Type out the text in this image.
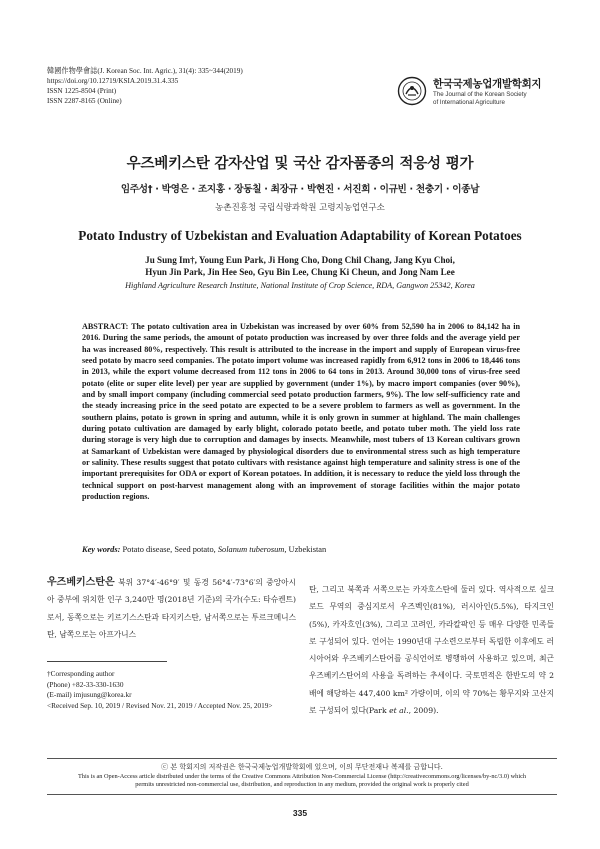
韓國作物學會誌(J. Korean Soc. Int. Agric.), 31(4): 335~344(2019)
https://doi.org/10.12719/KSIA.2019.31.4.335
ISSN 1225-8504 (Print)
ISSN 2287-8165 (Online)
한국국제농업개발학회지
The Journal of the Korean Society
of International Agriculture
우즈베키스탄 감자산업 및 국산 감자품종의 적응성 평가
임주성† · 박영은 · 조지홍 · 장동칠 · 최장규 · 박현진 · 서진희 · 이규빈 · 천충기 · 이종남
농촌진흥청 국립식량과학원 고령지농업연구소
Potato Industry of Uzbekistan and Evaluation Adaptability of Korean Potatoes
Ju Sung Im†, Young Eun Park, Ji Hong Cho, Dong Chil Chang, Jang Kyu Choi,
Hyun Jin Park, Jin Hee Seo, Gyu Bin Lee, Chung Ki Cheun, and Jong Nam Lee
Highland Agriculture Research Institute, National Institute of Crop Science, RDA, Gangwon 25342, Korea
ABSTRACT: The potato cultivation area in Uzbekistan was increased by over 60% from 52,590 ha in 2006 to 84,142 ha in 2016. During the same periods, the amount of potato production was increased by over three folds and the average yield per ha was increased 80%, respectively. This result is attributed to the increase in the import and supply of European virus-free seed potato by macro seed companies. The potato import volume was increased rapidly from 6,912 tons in 2006 to 18,446 tons in 2013, while the export volume decreased from 112 tons in 2006 to 64 tons in 2013. Around 30,000 tons of virus-free seed potato (elite or super elite level) per year are supplied by government (under 1%), by macro import companies (over 90%), and by small import company (including commercial seed potato production farmers, 9%). The low self-sufficiency rate and the steady increasing price in the seed potato are expected to be a severe problem to farmers as well as government. In the southern plains, potato is grown in spring and autumn, while it is only grown in summer at highland. The main challenges during potato cultivation are damaged by early blight, colorado potato beetle, and potato tuber moth. The yield loss rate during storage is very high due to corruption and damages by insects. Meanwhile, most tubers of 13 Korean cultivars grown at Samarkant of Uzbekistan were damaged by physiological disorders due to environmental stress such as high temperature or salinity. These results suggest that potato cultivars with resistance against high temperature and salinity stress is one of the important prerequisites for ODA or export of Korean potatoes. In addition, it is necessary to reduce the yield loss through the technical support on post-harvest management along with an improvement of storage facilities within the major potato production regions.
Key words: Potato disease, Seed potato, Solanum tuberosum, Uzbekistan
우즈베키스탄은 북위 37°4′-46°9′ 및 동경 56°4′-73°6′의 중앙아시아 중부에 위치한 인구 3,240만 명(2018년 기준)의 국가(수도: 타슈켄트)로서, 동쪽으로는 키르기스스탄과 타지키스탄, 남서쪽으로는 투르크메니스탄, 남쪽으로는 아프가니스
탄, 그리고 북쪽과 서쪽으로는 카자흐스탄에 둘러 있다. 역사적으로 실크로드 무역의 중심지로서 우즈벡인(81%), 러시아인(5.5%), 타지크인(5%), 카자흐인(3%), 그리고 고려인, 카라칼팍인 등 매우 다양한 민족들로 구성되어 있다. 언어는 1990년대 구소련으로부터 독립한 이후에도 러시아어와 우즈베키스탄어를 공식언어로 병행하여 사용하고 있으며, 최근 우즈베키스탄어의 사용을 독려하는 추세이다. 국토면적은 한반도의 약 2배에 해당하는 447,400 km² 가량이며, 이의 약 70%는 황무지와 고산지로 구성되어 있다(Park et al., 2009).
†Corresponding author
(Phone) +82-33-330-1630
(E-mail) imjusung@korea.kr
<Received Sep. 10, 2019 / Revised Nov. 21, 2019 / Accepted Nov. 25, 2019>
ⓒ 본 학회지의 저작권은 한국국제농업개발학회에 있으며, 이의 무단전재나 복제를 금합니다.
This is an Open-Access article distributed under the terms of the Creative Commons Attribution Non-Commercial License (http://creativecommons.org/licenses/by-nc/3.0) which
permits unrestricted non-commercial use, distribution, and reproduction in any medium, provided the original work is properly cited
335
